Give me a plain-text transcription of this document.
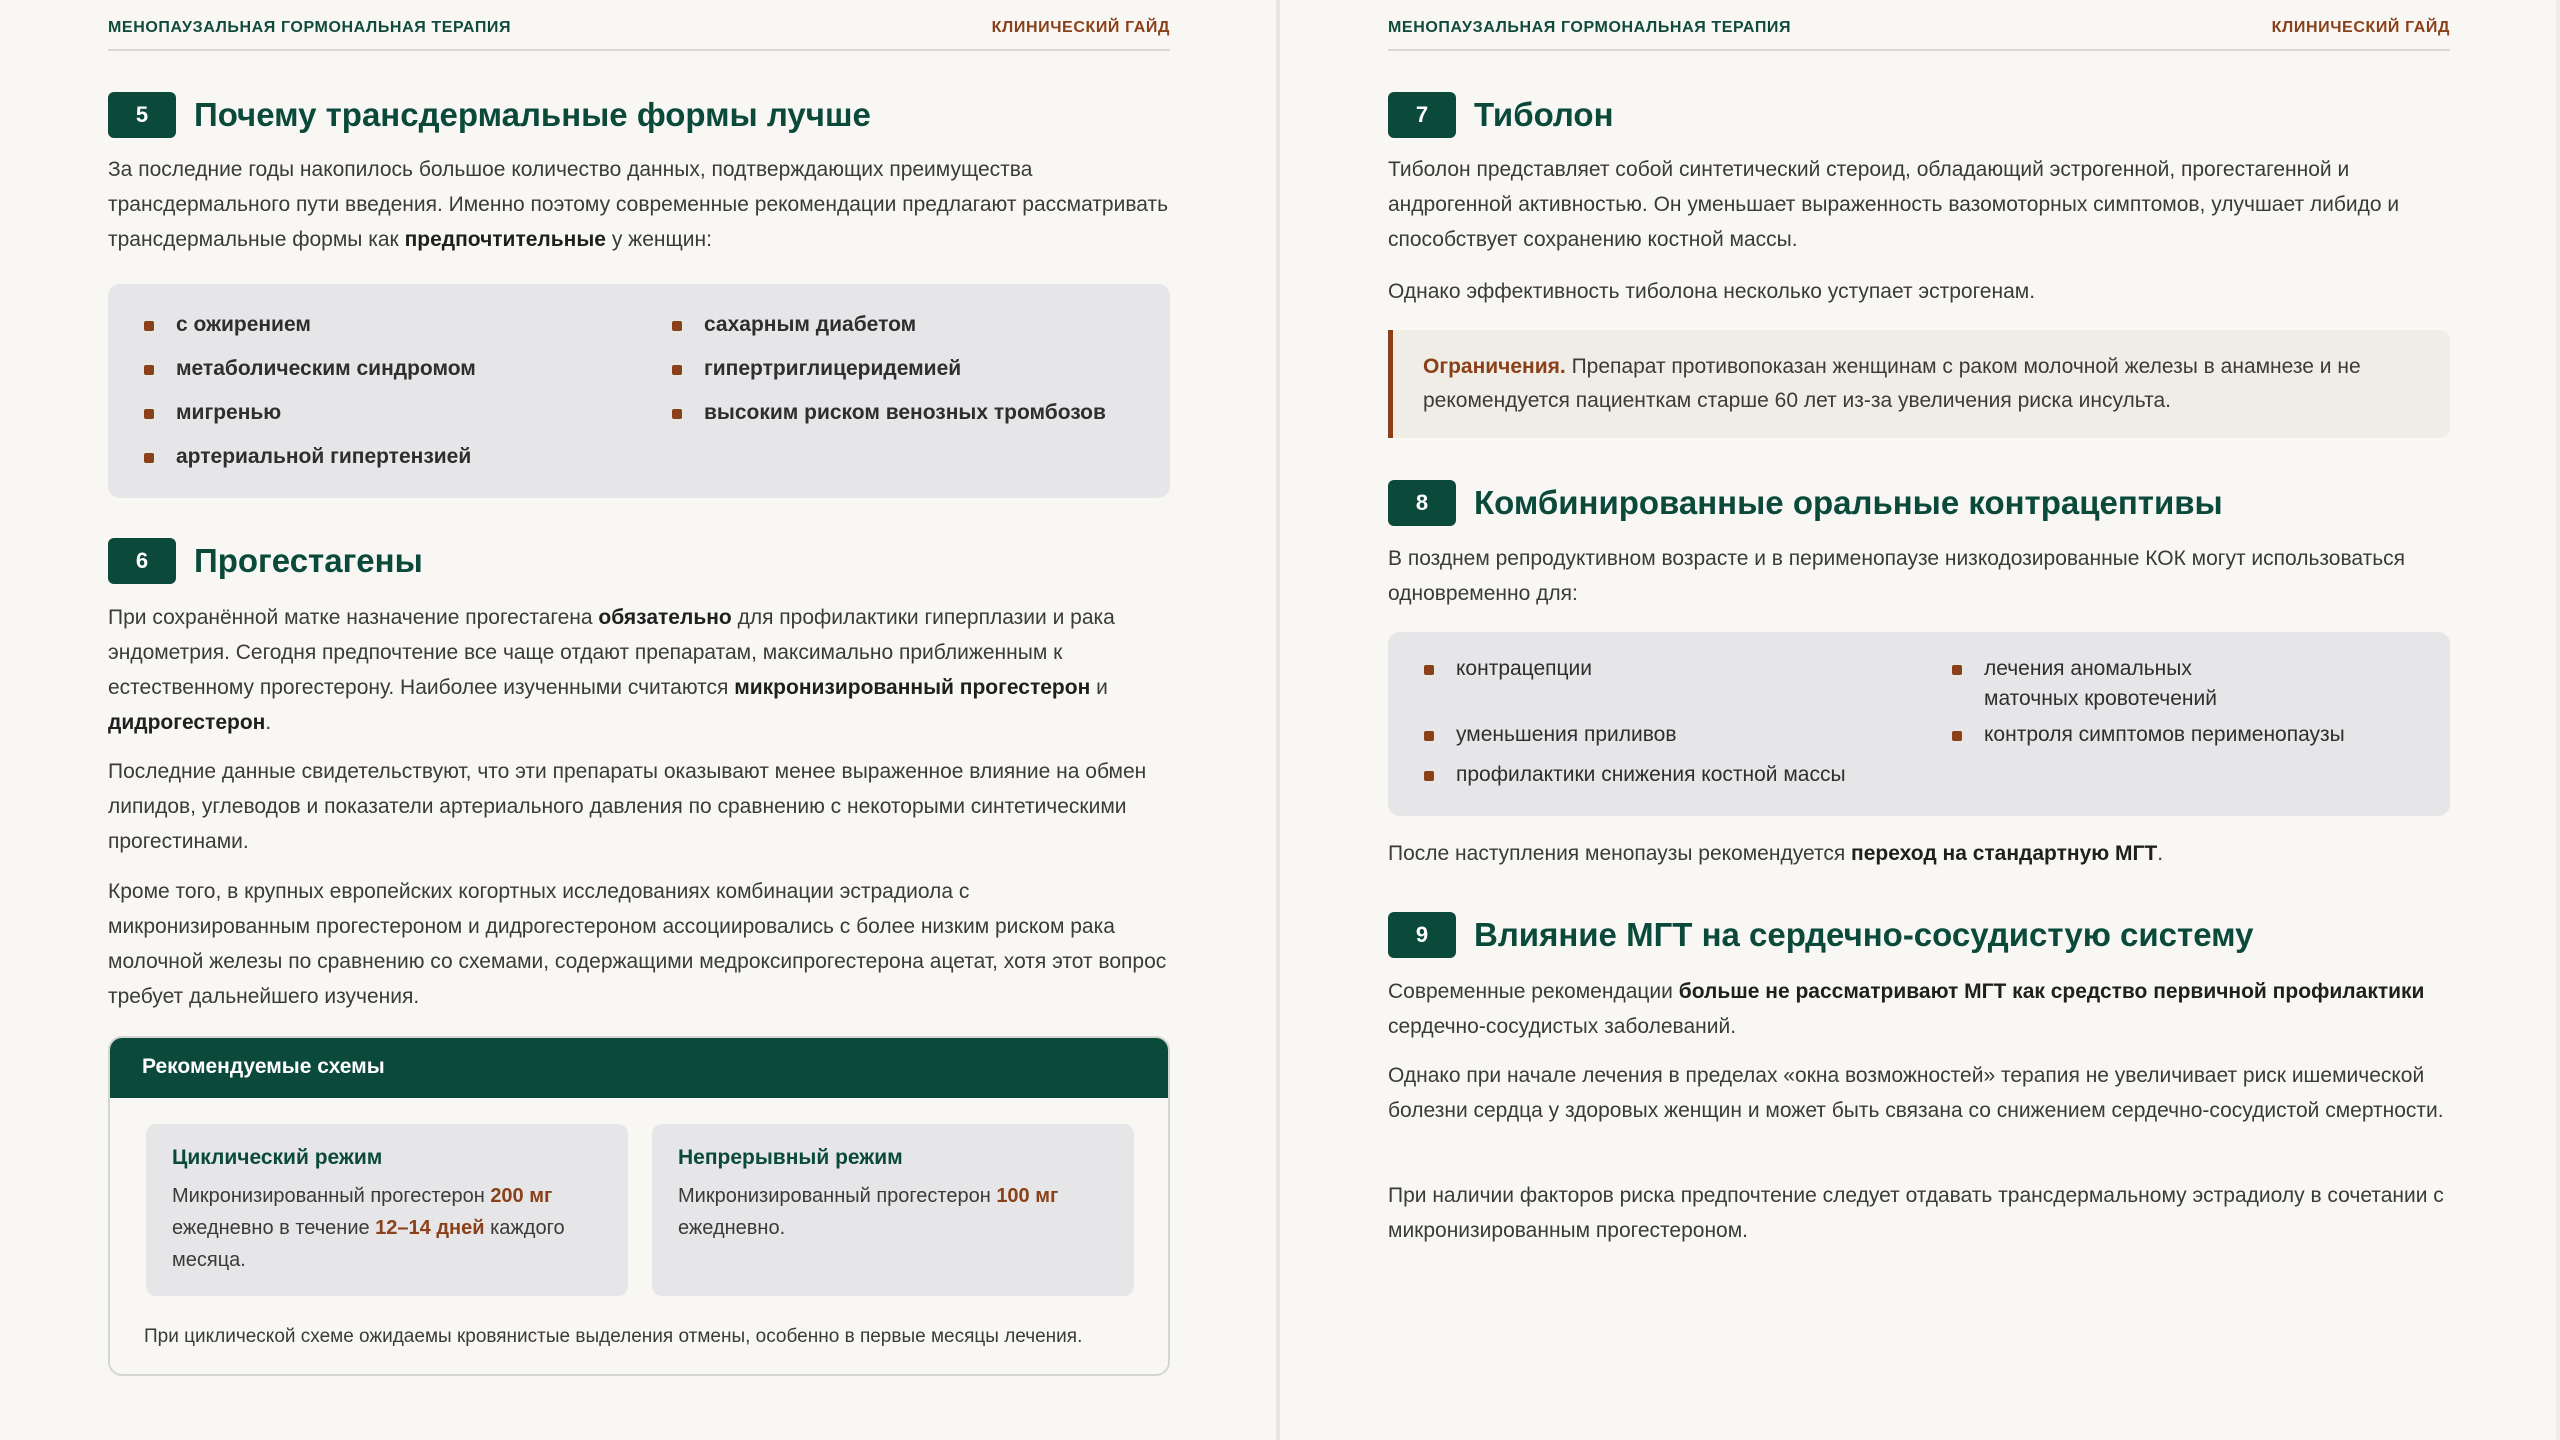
МЕНОПАУЗАЛЬНАЯ ГОРМОНАЛЬНАЯ ТЕРАПИЯ	КЛИНИЧЕСКИЙ ГАЙД
5	Почему трансдермальные формы лучше

За последние годы накопилось большое количество данных, подтверждающих преимущества трансдермального пути введения. Именно поэтому современные рекомендации предлагают рассматривать трансдермальные формы как предпочтительные у женщин:

с ожирением
метаболическим синдромом
мигренью
артериальной гипертензией
сахарным диабетом
гипертриглицеридемией
высоким риском венозных тромбозов
6	Прогестагены

При сохранённой матке назначение прогестагена обязательно для профилактики гиперплазии и рака эндометрия. Сегодня предпочтение все чаще отдают препаратам, максимально приближенным к естественному прогестерону. Наиболее изученными считаются микронизированный прогестерон и дидрогестерон.

Последние данные свидетельствуют, что эти препараты оказывают менее выраженное влияние на обмен липидов, углеводов и показатели артериального давления по сравнению с некоторыми синтетическими прогестинами.

Кроме того, в крупных европейских когортных исследованиях комбинации эстрадиола с микронизированным прогестероном и дидрогестероном ассоциировались с более низким риском рака молочной железы по сравнению со схемами, содержащими медроксипрогестерона ацетат, хотя этот вопрос требует дальнейшего изучения.

Рекомендуемые схемы
Циклический режим
Микронизированный прогестерон 200 мг ежедневно в течение 12–14 дней каждого месяца.
Непрерывный режим
Микронизированный прогестерон 100 мг ежедневно.
При циклической схеме ожидаемы кровянистые выделения отмены, особенно в первые месяцы лечения.
МЕНОПАУЗАЛЬНАЯ ГОРМОНАЛЬНАЯ ТЕРАПИЯ	КЛИНИЧЕСКИЙ ГАЙД
7	Тиболон

Тиболон представляет собой синтетический стероид, обладающий эстрогенной, прогестагенной и андрогенной активностью. Он уменьшает выраженность вазомоторных симптомов, улучшает либидо и способствует сохранению костной массы.

Однако эффективность тиболона несколько уступает эстрогенам.

Ограничения. Препарат противопоказан женщинам с раком молочной железы в анамнезе и не рекомендуется пациенткам старше 60 лет из-за увеличения риска инсульта.
8	Комбинированные оральные контрацептивы

В позднем репродуктивном возрасте и в перименопаузе низкодозированные КОК могут использоваться одновременно для:

контрацепции
уменьшения приливов
профилактики снижения костной массы
лечения аномальных маточных кровотечений
контроля симптомов перименопаузы

После наступления менопаузы рекомендуется переход на стандартную МГТ.

9	Влияние МГТ на сердечно-сосудистую систему

Современные рекомендации больше не рассматривают МГТ как средство первичной профилактики сердечно-сосудистых заболеваний.

Однако при начале лечения в пределах «окна возможностей» терапия не увеличивает риск ишемической болезни сердца у здоровых женщин и может быть связана со снижением сердечно-сосудистой смертности.

При наличии факторов риска предпочтение следует отдавать трансдермальному эстрадиолу в сочетании с микронизированным прогестероном.
